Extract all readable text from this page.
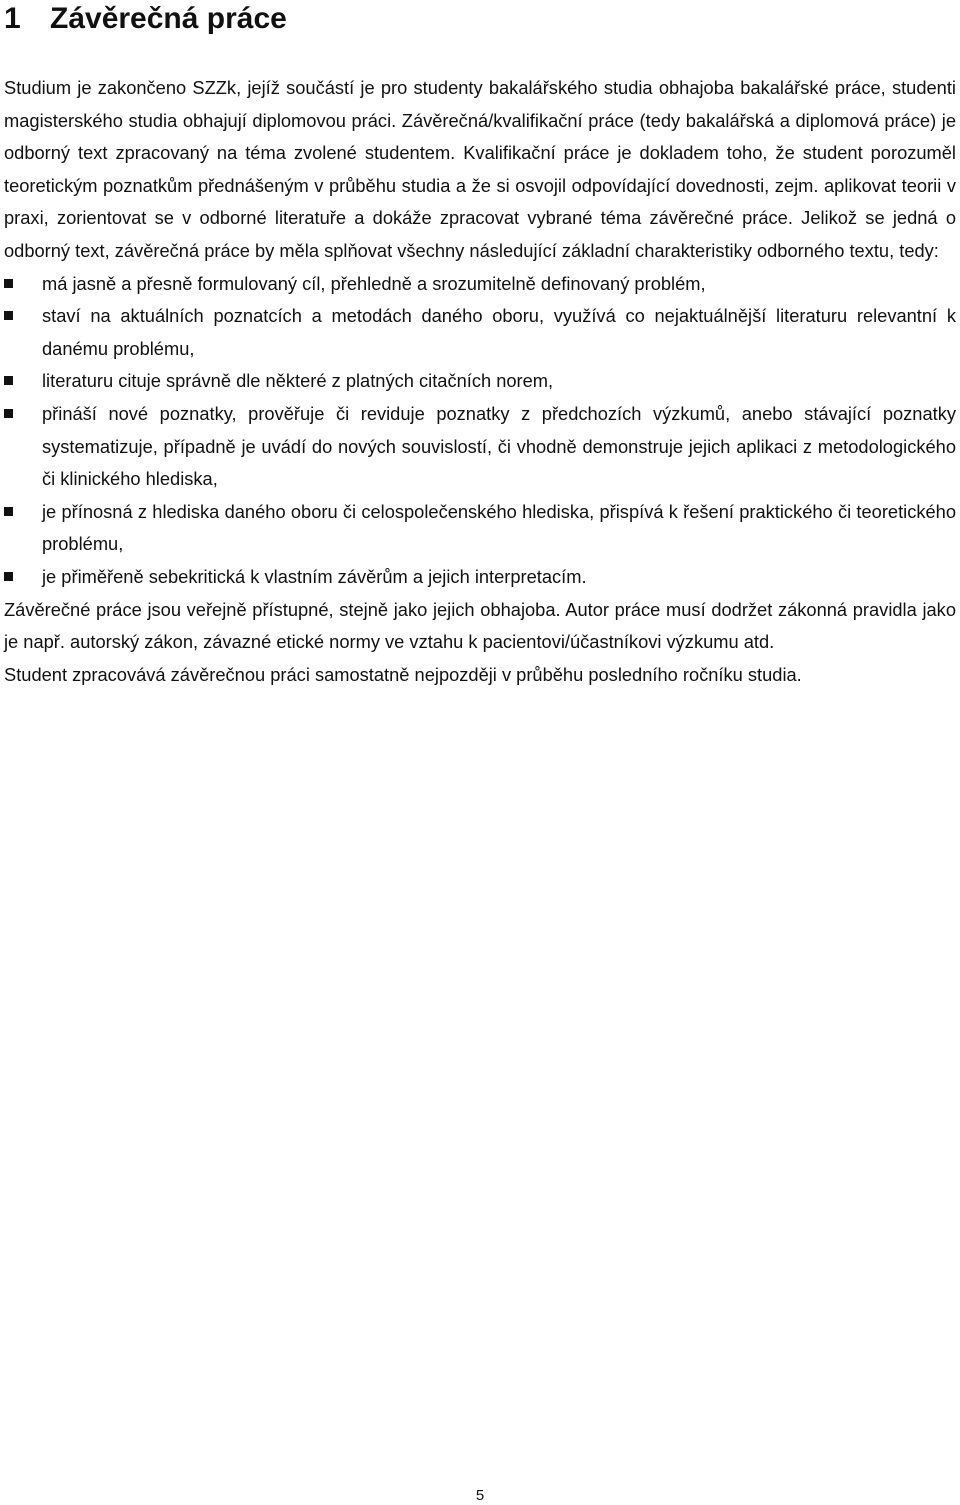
1 Závěrečná práce

Studium je zakončeno SZZk, jejíž součástí je pro studenty bakalářského studia obhajoba bakalářské práce, studenti magisterského studia obhajují diplomovou práci. Závěrečná/kvalifikační práce (tedy bakalářská a diplomová práce) je odborný text zpracovaný na téma zvolené studentem. Kvalifikační práce je dokladem toho, že student porozuměl teoretickým poznatkům přednášeným v průběhu studia a že si osvojil odpovídající dovednosti, zejm. aplikovat teorii v praxi, zorientovat se v odborné literatuře a dokáže zpracovat vybrané téma závěrečné práce. Jelikož se jedná o odborný text, závěrečná práce by měla splňovat všechny následující základní charakteristiky odborného textu, tedy:

má jasně a přesně formulovaný cíl, přehledně a srozumitelně definovaný problém,
staví na aktuálních poznatcích a metodách daného oboru, využívá co nejaktuálnější literaturu relevantní k danému problému,
literaturu cituje správně dle některé z platných citačních norem,
přináší nové poznatky, prověřuje či reviduje poznatky z předchozích výzkumů, anebo stávající poznatky systematizuje, případně je uvádí do nových souvislostí, či vhodně demonstruje jejich aplikaci z metodologického či klinického hlediska,
je přínosná z hlediska daného oboru či celospolečenského hlediska, přispívá k řešení praktického či teoretického problému,
je přiměřeně sebekritická k vlastním závěrům a jejich interpretacím.

Závěrečné práce jsou veřejně přístupné, stejně jako jejich obhajoba. Autor práce musí dodržet zákonná pravidla jako je např. autorský zákon, závazné etické normy ve vztahu k pacientovi/účastníkovi výzkumu atd.

Student zpracovává závěrečnou práci samostatně nejpozději v průběhu posledního ročníku studia.

5
